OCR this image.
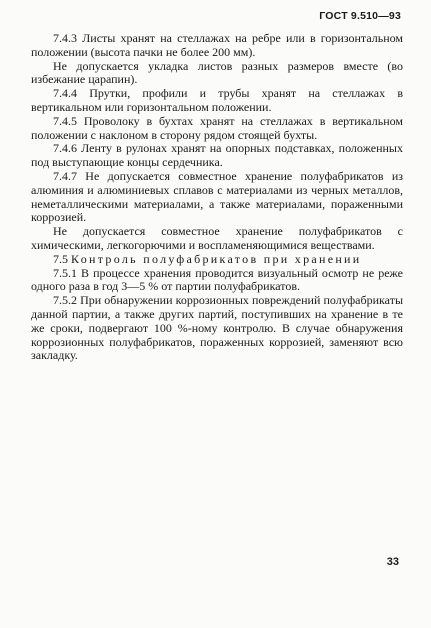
ГОСТ 9.510—93

7.4.3 Листы хранят на стеллажах на ребре или в горизонтальном положении (высота пачки не более 200 мм).

Не допускается укладка листов разных размеров вместе (во избежание царапин).

7.4.4 Прутки, профили и трубы хранят на стеллажах в вертикальном или горизонтальном положении.

7.4.5 Проволоку в бухтах хранят на стеллажах в вертикальном положении с наклоном в сторону рядом стоящей бухты.

7.4.6 Ленту в рулонах хранят на опорных подставках, положенных под выступающие концы сердечника.

7.4.7 Не допускается совместное хранение полуфабрикатов из алюминия и алюминиевых сплавов с материалами из черных металлов, неметаллическими материалами, а также материалами, пораженными коррозией.

Не допускается совместное хранение полуфабрикатов с химическими, легкогорючими и воспламеняющимися веществами.

7.5 Контроль полуфабрикатов при хранении

7.5.1 В процессе хранения проводится визуальный осмотр не реже одного раза в год 3—5 % от партии полуфабрикатов.

7.5.2 При обнаружении коррозионных повреждений полуфабрикаты данной партии, а также других партий, поступивших на хранение в те же сроки, подвергают 100 %-ному контролю. В случае обнаружения коррозионных полуфабрикатов, пораженных коррозией, заменяют всю закладку.

33
